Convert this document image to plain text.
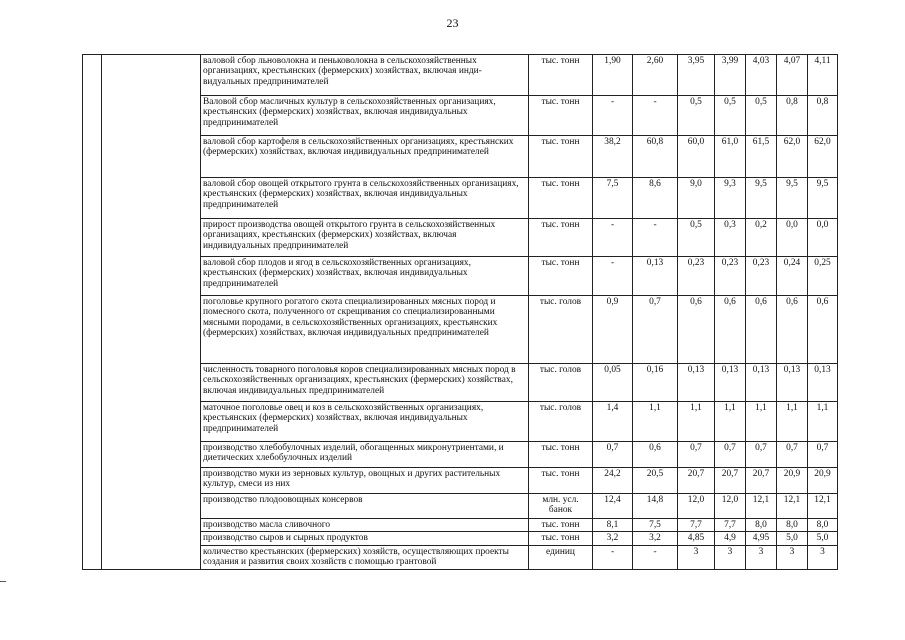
23
		валовой сбор льноволокна и пеньковолокна в сельскохозяйственных организациях, крестьянских (фермерских) хозяйствах, включая индивидуальных предпринимателей	тыс. тонн	1,90	2,60	3,95	3,99	4,03	4,07	4,11
		Валовой сбор масличных культур в сельскохозяйственных организациях, крестьянских (фермерских) хозяйствах, включая индивидуальных предпринимателей	тыс. тонн	-	-	0,5	0,5	0,5	0,8	0,8
		валовой сбор картофеля в сельскохозяйственных организациях, крестьянских (фермерских) хозяйствах, включая индивидуальных предпринимателей	тыс. тонн	38,2	60,8	60,0	61,0	61,5	62,0	62,0
		валовой сбор овощей открытого грунта в сельскохозяйственных организациях, крестьянских (фермерских) хозяйствах, включая индивидуальных предпринимателей	тыс. тонн	7,5	8,6	9,0	9,3	9,5	9,5	9,5
		прирост производства овощей открытого грунта в сельскохозяйственных организациях, крестьянских (фермерских) хозяйствах, включая индивидуальных предпринимателей	тыс. тонн	-	-	0,5	0,3	0,2	0,0	0,0
		валовой сбор плодов и ягод в сельскохозяйственных организациях, крестьянских (фермерских) хозяйствах, включая индивидуальных предпринимателей	тыс. тонн	-	0,13	0,23	0,23	0,23	0,24	0,25
		поголовье крупного рогатого скота специализированных мясных пород и помесного скота, полученного от скрещивания со специализированными мясными породами, в сельскохозяйственных организациях, крестьянских (фермерских) хозяйствах, включая индивидуальных предпринимателей	тыс. голов	0,9	0,7	0,6	0,6	0,6	0,6	0,6
		численность товарного поголовья коров специализированных мясных пород в сельскохозяйственных организациях, крестьянских (фермерских) хозяйствах, включая индивидуальных предпринимателей	тыс. голов	0,05	0,16	0,13	0,13	0,13	0,13	0,13
		маточное поголовье овец и коз в сельскохозяйственных организациях, крестьянских (фермерских) хозяйствах, включая индивидуальных предпринимателей	тыс. голов	1,4	1,1	1,1	1,1	1,1	1,1	1,1
		производство хлебобулочных изделий, обогащенных микронутриентами, и диетических хлебобулочных изделий	тыс. тонн	0,7	0,6	0,7	0,7	0,7	0,7	0,7
		производство муки из зерновых культур, овощных и других растительных культур, смеси из них	тыс. тонн	24,2	20,5	20,7	20,7	20,7	20,9	20,9
		производство плодоовощных консервов	млн. усл. банок	12,4	14,8	12,0	12,0	12,1	12,1	12,1
		производство масла сливочного	тыс. тонн	8,1	7,5	7,7	7,7	8,0	8,0	8,0
		производство сыров и сырных продуктов	тыс. тонн	3,2	3,2	4,85	4,9	4,95	5,0	5,0
		количество крестьянских (фермерских) хозяйств, осуществляющих проекты создания и развития своих хозяйств с помощью грантовой	единиц	-	-	3	3	3	3	3
